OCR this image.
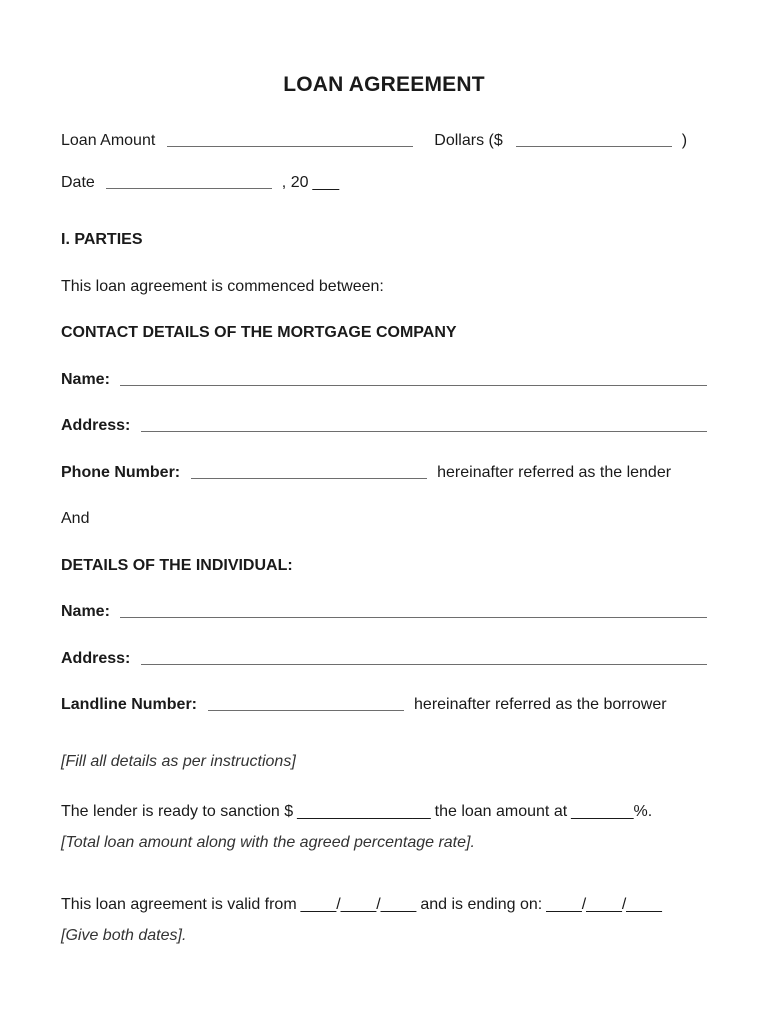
LOAN AGREEMENT
Loan Amount	Dollars ($	)
Date	, 20 ___
I. PARTIES
This loan agreement is commenced between:
CONTACT DETAILS OF THE MORTGAGE COMPANY
Name:
Address:
Phone Number:	hereinafter referred as the lender
And
DETAILS OF THE INDIVIDUAL:
Name:
Address:
Landline Number:	hereinafter referred as the borrower
[Fill all details as per instructions]
The lender is ready to sanction $ _______________ the loan amount at _______ %.
[Total loan amount along with the agreed percentage rate].
This loan agreement is valid from ____/____/____ and is ending on: ____/____/____
[Give both dates].
